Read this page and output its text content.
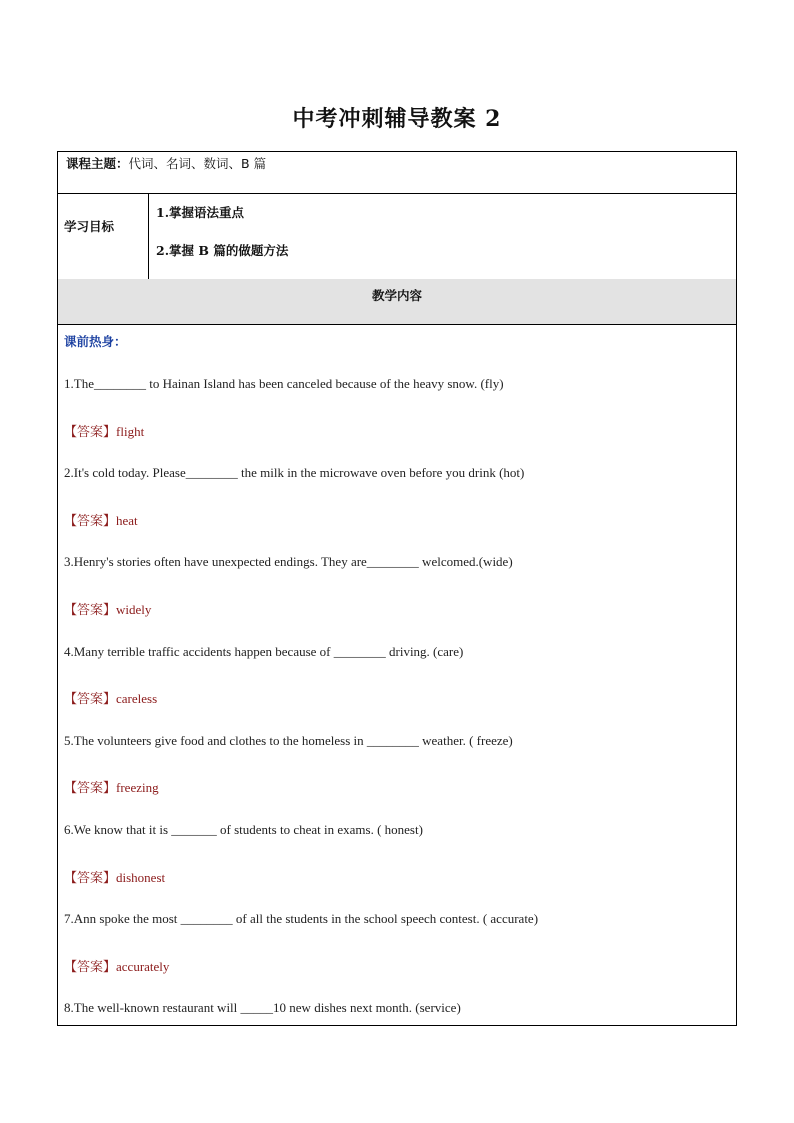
中考冲刺辅导教案 2
课程主题：代词、名词、数词、B 篇
学习目标
1.掌握语法重点
2.掌握 B 篇的做题方法
教学内容
课前热身：
1.The________ to Hainan Island has been canceled because of the heavy snow. (fly)
【答案】flight
2.It's cold today. Please________ the milk in the microwave oven before you drink (hot)
【答案】heat
3.Henry's stories often have unexpected endings. They are________ welcomed.(wide)
【答案】widely
4.Many terrible traffic accidents happen because of ________ driving. (care)
【答案】careless
5.The volunteers give food and clothes to the homeless in ________ weather. ( freeze)
【答案】freezing
6.We know that it is _______ of students to cheat in exams. ( honest)
【答案】dishonest
7.Ann spoke the most ________ of all the students in the school speech contest. ( accurate)
【答案】accurately
8.The well-known restaurant will _____10 new dishes next month. (service)
